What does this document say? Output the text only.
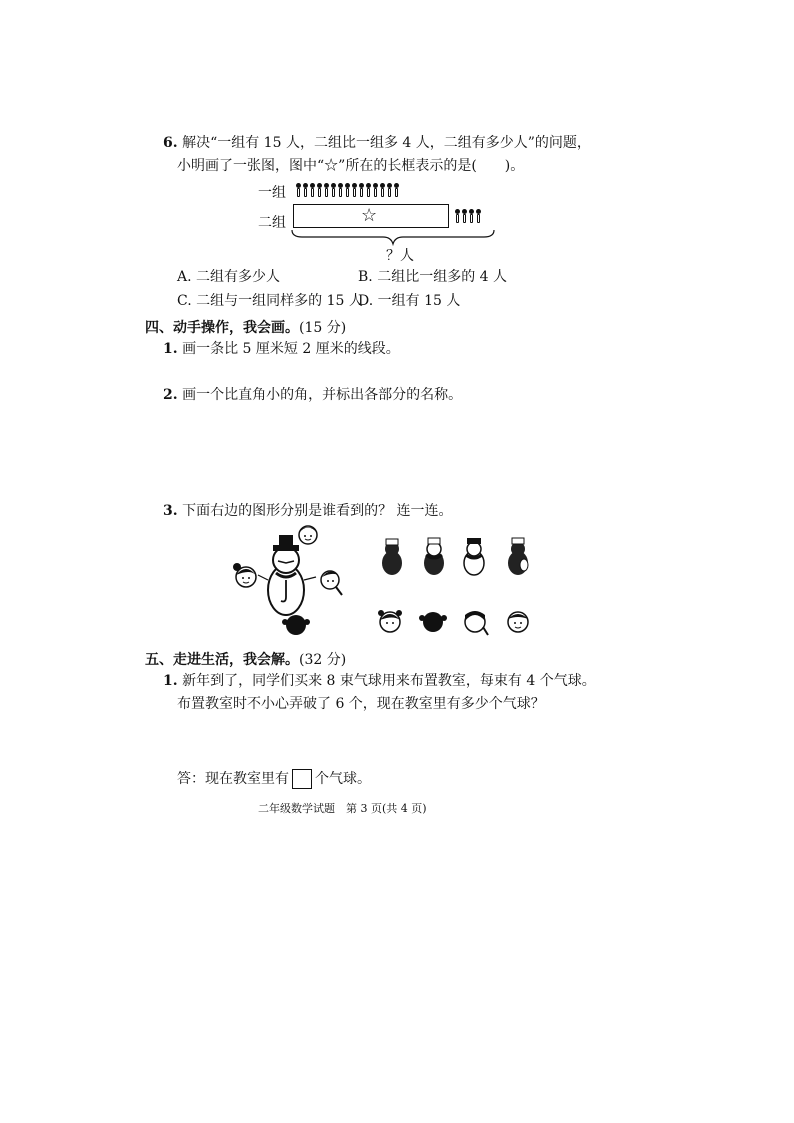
6. 解决“一组有 15 人，二组比一组多 4 人，二组有多少人”的问题，
小明画了一张图，图中“☆”所在的长框表示的是(　　)。
一组
二组	☆
？人
A. 二组有多少人	B. 二组比一组多的 4 人
C. 二组与一组同样多的 15 人
D. 一组有 15 人
四、动手操作，我会画。(15 分)
1. 画一条比 5 厘米短 2 厘米的线段。
2. 画一个比直角小的角，并标出各部分的名称。
3. 下面右边的图形分别是谁看到的？ 连一连。
五、走进生活，我会解。(32 分)
1. 新年到了，同学们买来 8 束气球用来布置教室，每束有 4 个气球。
布置教室时不小心弄破了 6 个，现在教室里有多少个气球？
答：现在教室里有 个气球。
二年级数学试题　第 3 页(共 4 页)
